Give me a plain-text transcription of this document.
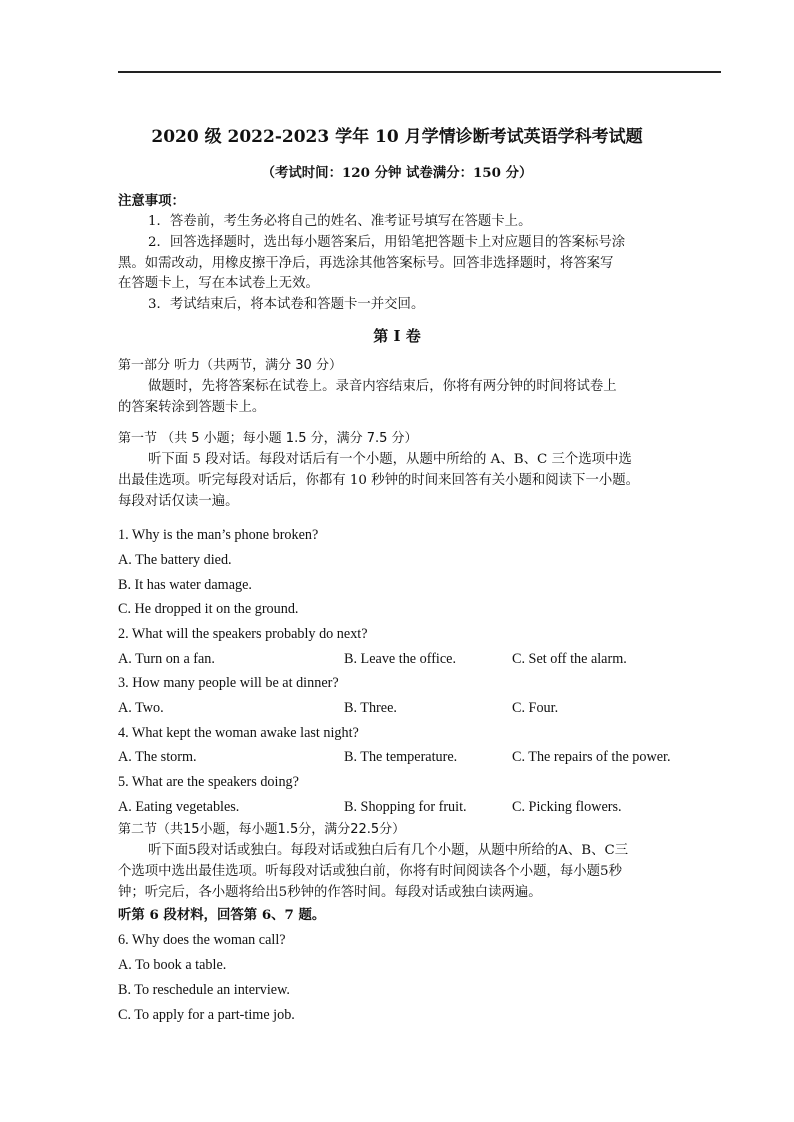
2020 级 2022-2023 学年 10 月学情诊断考试英语学科考试题
（考试时间：120 分钟 试卷满分：150 分）
注意事项：
1．答卷前，考生务必将自己的姓名、准考证号填写在答题卡上。
2．回答选择题时，选出每小题答案后，用铅笔把答题卡上对应题目的答案标号涂
黑。如需改动，用橡皮擦干净后，再选涂其他答案标号。回答非选择题时，将答案写
在答题卡上，写在本试卷上无效。
3．考试结束后，将本试卷和答题卡一并交回。
第 I 卷
第一部分 听力（共两节，满分 30 分）
做题时，先将答案标在试卷上。录音内容结束后，你将有两分钟的时间将试卷上
的答案转涂到答题卡上。
第一节 （共 5 小题；每小题 1.5 分，满分 7.5 分）
听下面 5 段对话。每段对话后有一个小题，从题中所给的 A、B、C 三个选项中选
出最佳选项。听完每段对话后，你都有 10 秒钟的时间来回答有关小题和阅读下一小题。
每段对话仅读一遍。
1. Why is the man’s phone broken?
A. The battery died.
B. It has water damage.
C. He dropped it on the ground.
2. What will the speakers probably do next?
A. Turn on a fan.	B. Leave the office.	C. Set off the alarm.
3. How many people will be at dinner?
A. Two.	B. Three.	C. Four.
4. What kept the woman awake last night?
A. The storm.	B. The temperature.	C. The repairs of the power.
5. What are the speakers doing?
A. Eating vegetables.	B. Shopping for fruit.	C. Picking flowers.
第二节（共15小题，每小题1.5分，满分22.5分）
听下面5段对话或独白。每段对话或独白后有几个小题，从题中所给的A、B、C三
个选项中选出最佳选项。听每段对话或独白前，你将有时间阅读各个小题，每小题5秒
钟；听完后，各小题将给出5秒钟的作答时间。每段对话或独白读两遍。
听第 6 段材料，回答第 6、7 题。
6. Why does the woman call?
A. To book a table.
B. To reschedule an interview.
C. To apply for a part-time job.
